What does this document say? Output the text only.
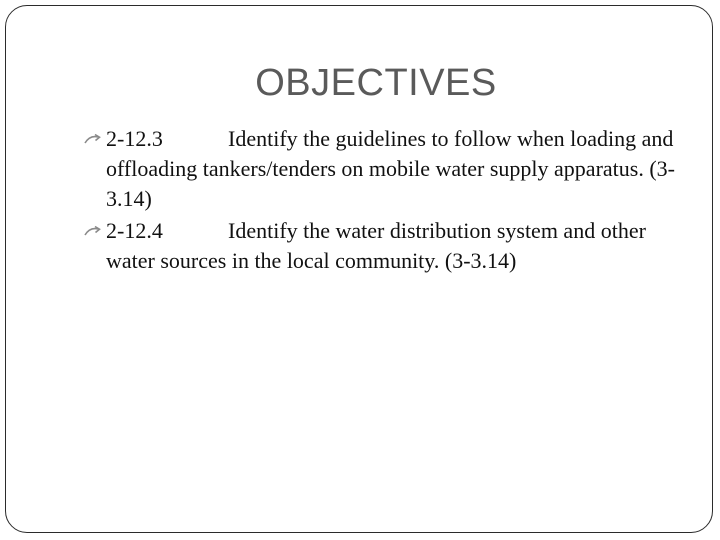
OBJECTIVES
2-12.3	Identify the guidelines to follow when loading and offloading tankers/tenders on mobile water supply apparatus. (3-3.14)
2-12.4	Identify the water distribution system and other water sources in the local community. (3-3.14)
